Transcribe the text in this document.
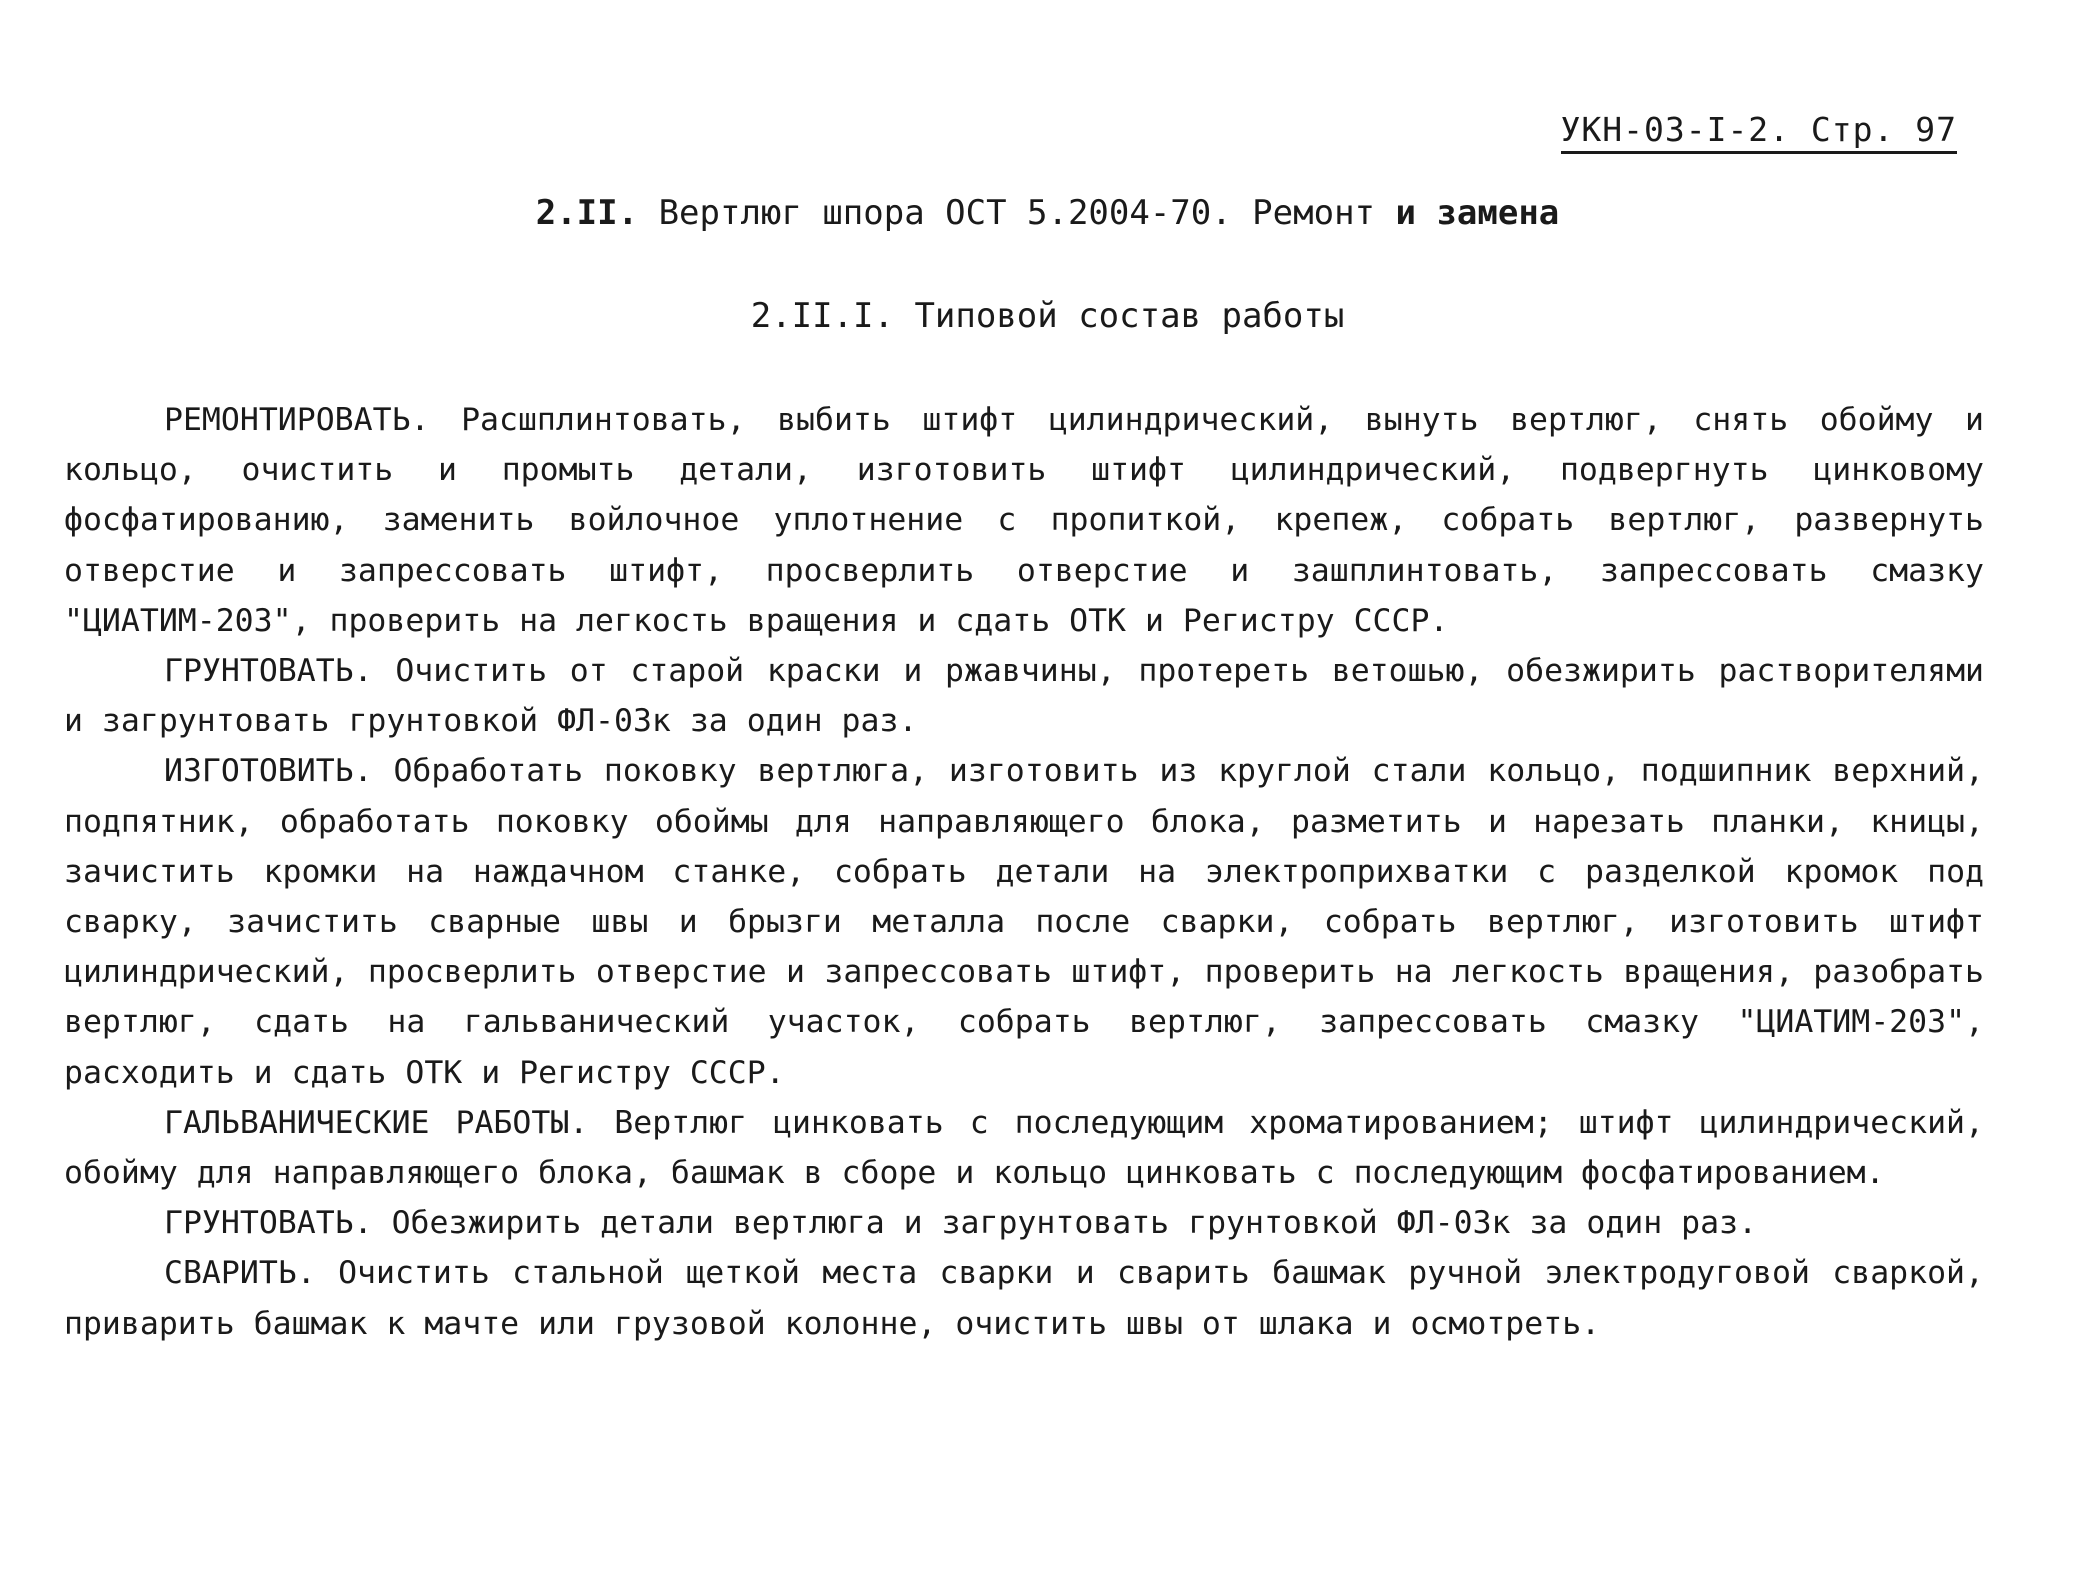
УКН-03-I-2. Стр. 97
2.II. Вертлюг шпора ОСТ 5.2004-70. Ремонт и замена
2.II.I. Типовой состав работы

РЕМОНТИРОВАТЬ. Расшплинтовать, выбить штифт цилиндрический, вынуть вертлюг, снять обойму и кольцо, очистить и промыть детали, изготовить штифт цилиндрический, подвергнуть цинковому фосфатированию, заменить войлочное уплотнение с пропиткой, крепеж, собрать вертлюг, развернуть отверстие и запрессовать штифт, просверлить отверстие и зашплинтовать, запрессовать смазку "ЦИАТИМ-203", проверить на легкость вращения и сдать ОТК и Регистру СССР.

ГРУНТОВАТЬ. Очистить от старой краски и ржавчины, протереть ветошью, обезжирить растворителями и загрунтовать грунтовкой ФЛ-03к за один раз.

ИЗГОТОВИТЬ. Обработать поковку вертлюга, изготовить из круглой стали кольцо, подшипник верхний, подпятник, обработать поковку обоймы для направляющего блока, разметить и нарезать планки, кницы, зачистить кромки на наждачном станке, собрать детали на электроприхватки с разделкой кромок под сварку, зачистить сварные швы и брызги металла после сварки, собрать вертлюг, изготовить штифт цилиндрический, просверлить отверстие и запрессовать штифт, проверить на легкость вращения, разобрать вертлюг, сдать на гальванический участок, собрать вертлюг, запрессовать смазку "ЦИАТИМ-203", расходить и сдать ОТК и Регистру СССР.

ГАЛЬВАНИЧЕСКИЕ РАБОТЫ. Вертлюг цинковать с последующим хроматированием; штифт цилиндрический, обойму для направляющего блока, башмак в сборе и кольцо цинковать с последующим фосфатированием.

ГРУНТОВАТЬ. Обезжирить детали вертлюга и загрунтовать грунтовкой ФЛ-03к за один раз.

СВАРИТЬ. Очистить стальной щеткой места сварки и сварить башмак ручной электродуговой сваркой, приварить башмак к мачте или грузовой колонне, очистить швы от шлака и осмотреть.
